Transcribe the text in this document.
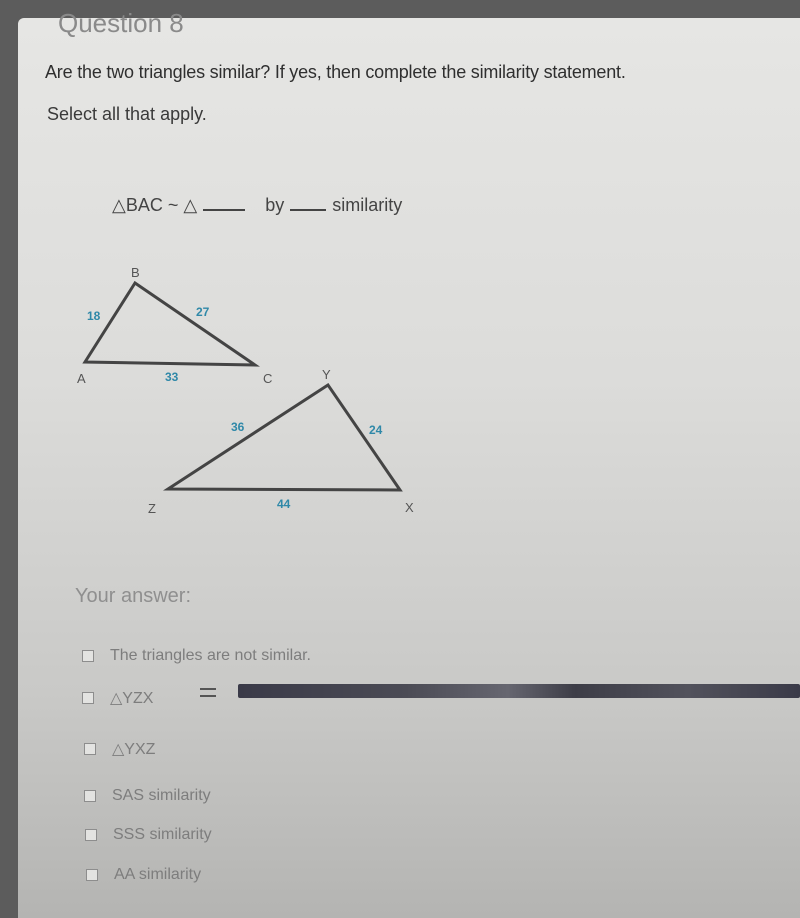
Question 8
Are the two triangles similar? If yes, then complete the similarity statement.
Select all that apply.
△BAC ~ △	by	similarity
B
A	C
18	27
33	Y
Z	X
36	24
44
Your answer:
The triangles are not similar.
△YZX
△YXZ
SAS similarity
SSS similarity
AA similarity
